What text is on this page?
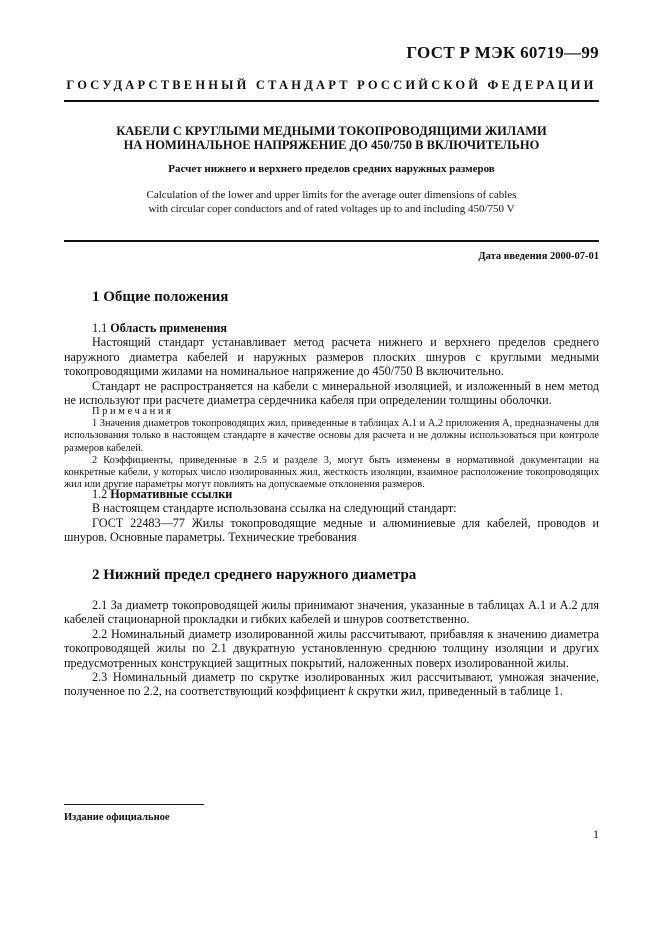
ГОСТ Р МЭК 60719—99
ГОСУДАРСТВЕННЫЙ СТАНДАРТ РОССИЙСКОЙ ФЕДЕРАЦИИ
КАБЕЛИ С КРУГЛЫМИ МЕДНЫМИ ТОКОПРОВОДЯЩИМИ ЖИЛАМИ
НА НОМИНАЛЬНОЕ НАПРЯЖЕНИЕ ДО 450/750 В ВКЛЮЧИТЕЛЬНО
Расчет нижнего и верхнего пределов средних наружных размеров
Calculation of the lower and upper limits for the average outer dimensions of cables
with circular coper conductors and of rated voltages up to and including 450/750 V
Дата введения 2000-07-01
1 Общие положения

1.1 Область применения

Настоящий стандарт устанавливает метод расчета нижнего и верхнего пределов среднего наружного диаметра кабелей и наружных размеров плоских шнуров с круглыми медными токопроводящими жилами на номинальное напряжение до 450/750 В включительно.

Стандарт не распространяется на кабели с минеральной изоляцией, и изложенный в нем метод не используют при расчете диаметра сердечника кабеля при определении толщины оболочки.

Примечания

1 Значения диаметров токопроводящих жил, приведенные в таблицах А.1 и А.2 приложения А, предназначены для использования только в настоящем стандарте в качестве основы для расчета и не должны использоваться при контроле размеров кабелей.

2 Коэффициенты, приведенные в 2.5 и разделе 3, могут быть изменены в нормативной документации на конкретные кабели, у которых число изолированных жил, жесткость изоляции, взаимное расположение токопроводящих жил или другие параметры могут повлиять на допускаемые отклонения размеров.

1.2 Нормативные ссылки

В настоящем стандарте использована ссылка на следующий стандарт:

ГОСТ 22483—77 Жилы токопроводящие медные и алюминиевые для кабелей, проводов и шнуров. Основные параметры. Технические требования

2 Нижний предел среднего наружного диаметра

2.1 За диаметр токопроводящей жилы принимают значения, указанные в таблицах А.1 и А.2 для кабелей стационарной прокладки и гибких кабелей и шнуров соответственно.

2.2 Номинальный диаметр изолированной жилы рассчитывают, прибавляя к значению диаметра токопроводящей жилы по 2.1 двукратную установленную среднюю толщину изоляции и других предусмотренных конструкцией защитных покрытий, наложенных поверх изолированной жилы.

2.3 Номинальный диаметр по скрутке изолированных жил рассчитывают, умножая значение, полученное по 2.2, на соответствующий коэффициент k скрутки жил, приведенный в таблице 1.

Издание официальное
1
